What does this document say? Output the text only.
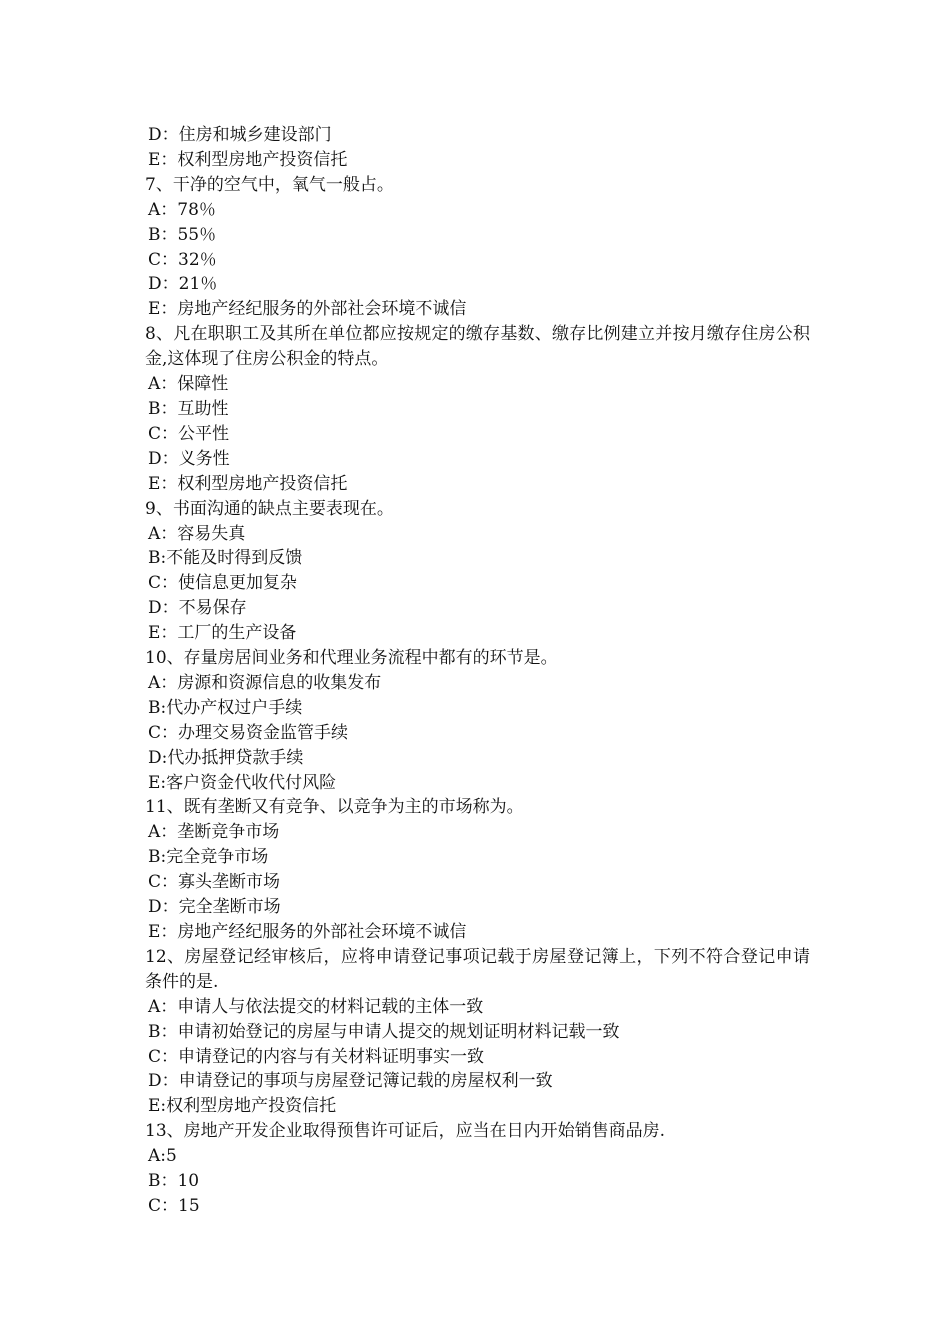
D：住房和城乡建设部门
E：权利型房地产投资信托
7、干净的空气中，氧气一般占。
A：78％
B：55％
C：32％
D：21％
E：房地产经纪服务的外部社会环境不诚信
8、凡在职职工及其所在单位都应按规定的缴存基数、缴存比例建立并按月缴存住房公积金,这体现了住房公积金的特点。
A：保障性
B：互助性
C：公平性
D：义务性
E：权利型房地产投资信托
9、书面沟通的缺点主要表现在。
A：容易失真
B:不能及时得到反馈
C：使信息更加复杂
D：不易保存
E：工厂的生产设备
10、存量房居间业务和代理业务流程中都有的环节是。
A：房源和资源信息的收集发布
B:代办产权过户手续
C：办理交易资金监管手续
D:代办抵押贷款手续
E:客户资金代收代付风险
11、既有垄断又有竞争、以竞争为主的市场称为。
A：垄断竞争市场
B:完全竞争市场
C：寡头垄断市场
D：完全垄断市场
E：房地产经纪服务的外部社会环境不诚信
12、房屋登记经审核后，应将申请登记事项记载于房屋登记簿上，下列不符合登记申请条件的是.
A：申请人与依法提交的材料记载的主体一致
B：申请初始登记的房屋与申请人提交的规划证明材料记载一致
C：申请登记的内容与有关材料证明事实一致
D：申请登记的事项与房屋登记簿记载的房屋权利一致
E:权利型房地产投资信托
13、房地产开发企业取得预售许可证后，应当在日内开始销售商品房.
A:5
B：10
C：15
